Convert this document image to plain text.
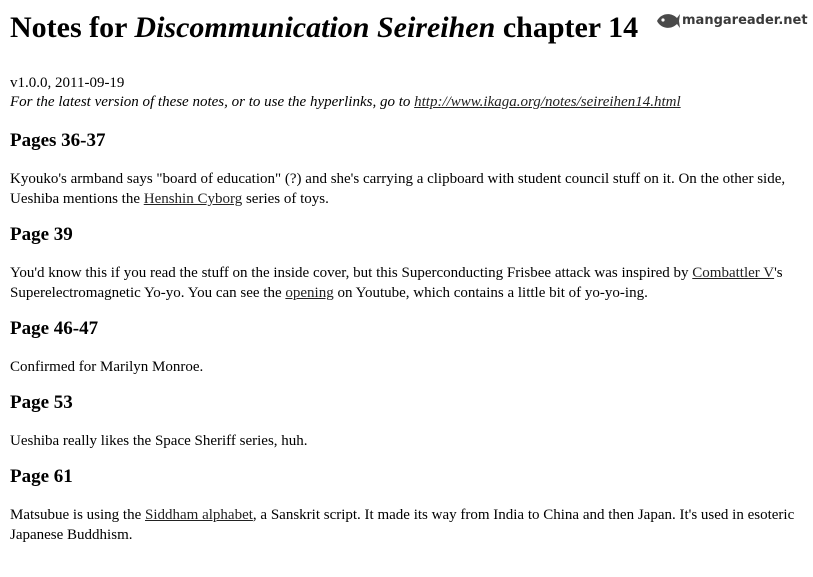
mangareader.net
Notes for Discommunication Seireihen chapter 14
v1.0.0, 2011-09-19
For the latest version of these notes, or to use the hyperlinks, go to http://www.ikaga.org/notes/seireihen14.html
Pages 36-37

Kyouko's armband says "board of education" (?) and she's carrying a clipboard with student council stuff on it. On the other side, Ueshiba mentions the Henshin Cyborg series of toys.

Page 39

You'd know this if you read the stuff on the inside cover, but this Superconducting Frisbee attack was inspired by Combattler V's Superelectromagnetic Yo-yo. You can see the opening on Youtube, which contains a little bit of yo-yo-ing.

Page 46-47

Confirmed for Marilyn Monroe.

Page 53

Ueshiba really likes the Space Sheriff series, huh.

Page 61

Matsubue is using the Siddham alphabet, a Sanskrit script. It made its way from India to China and then Japan. It's used in esoteric Japanese Buddhism.
